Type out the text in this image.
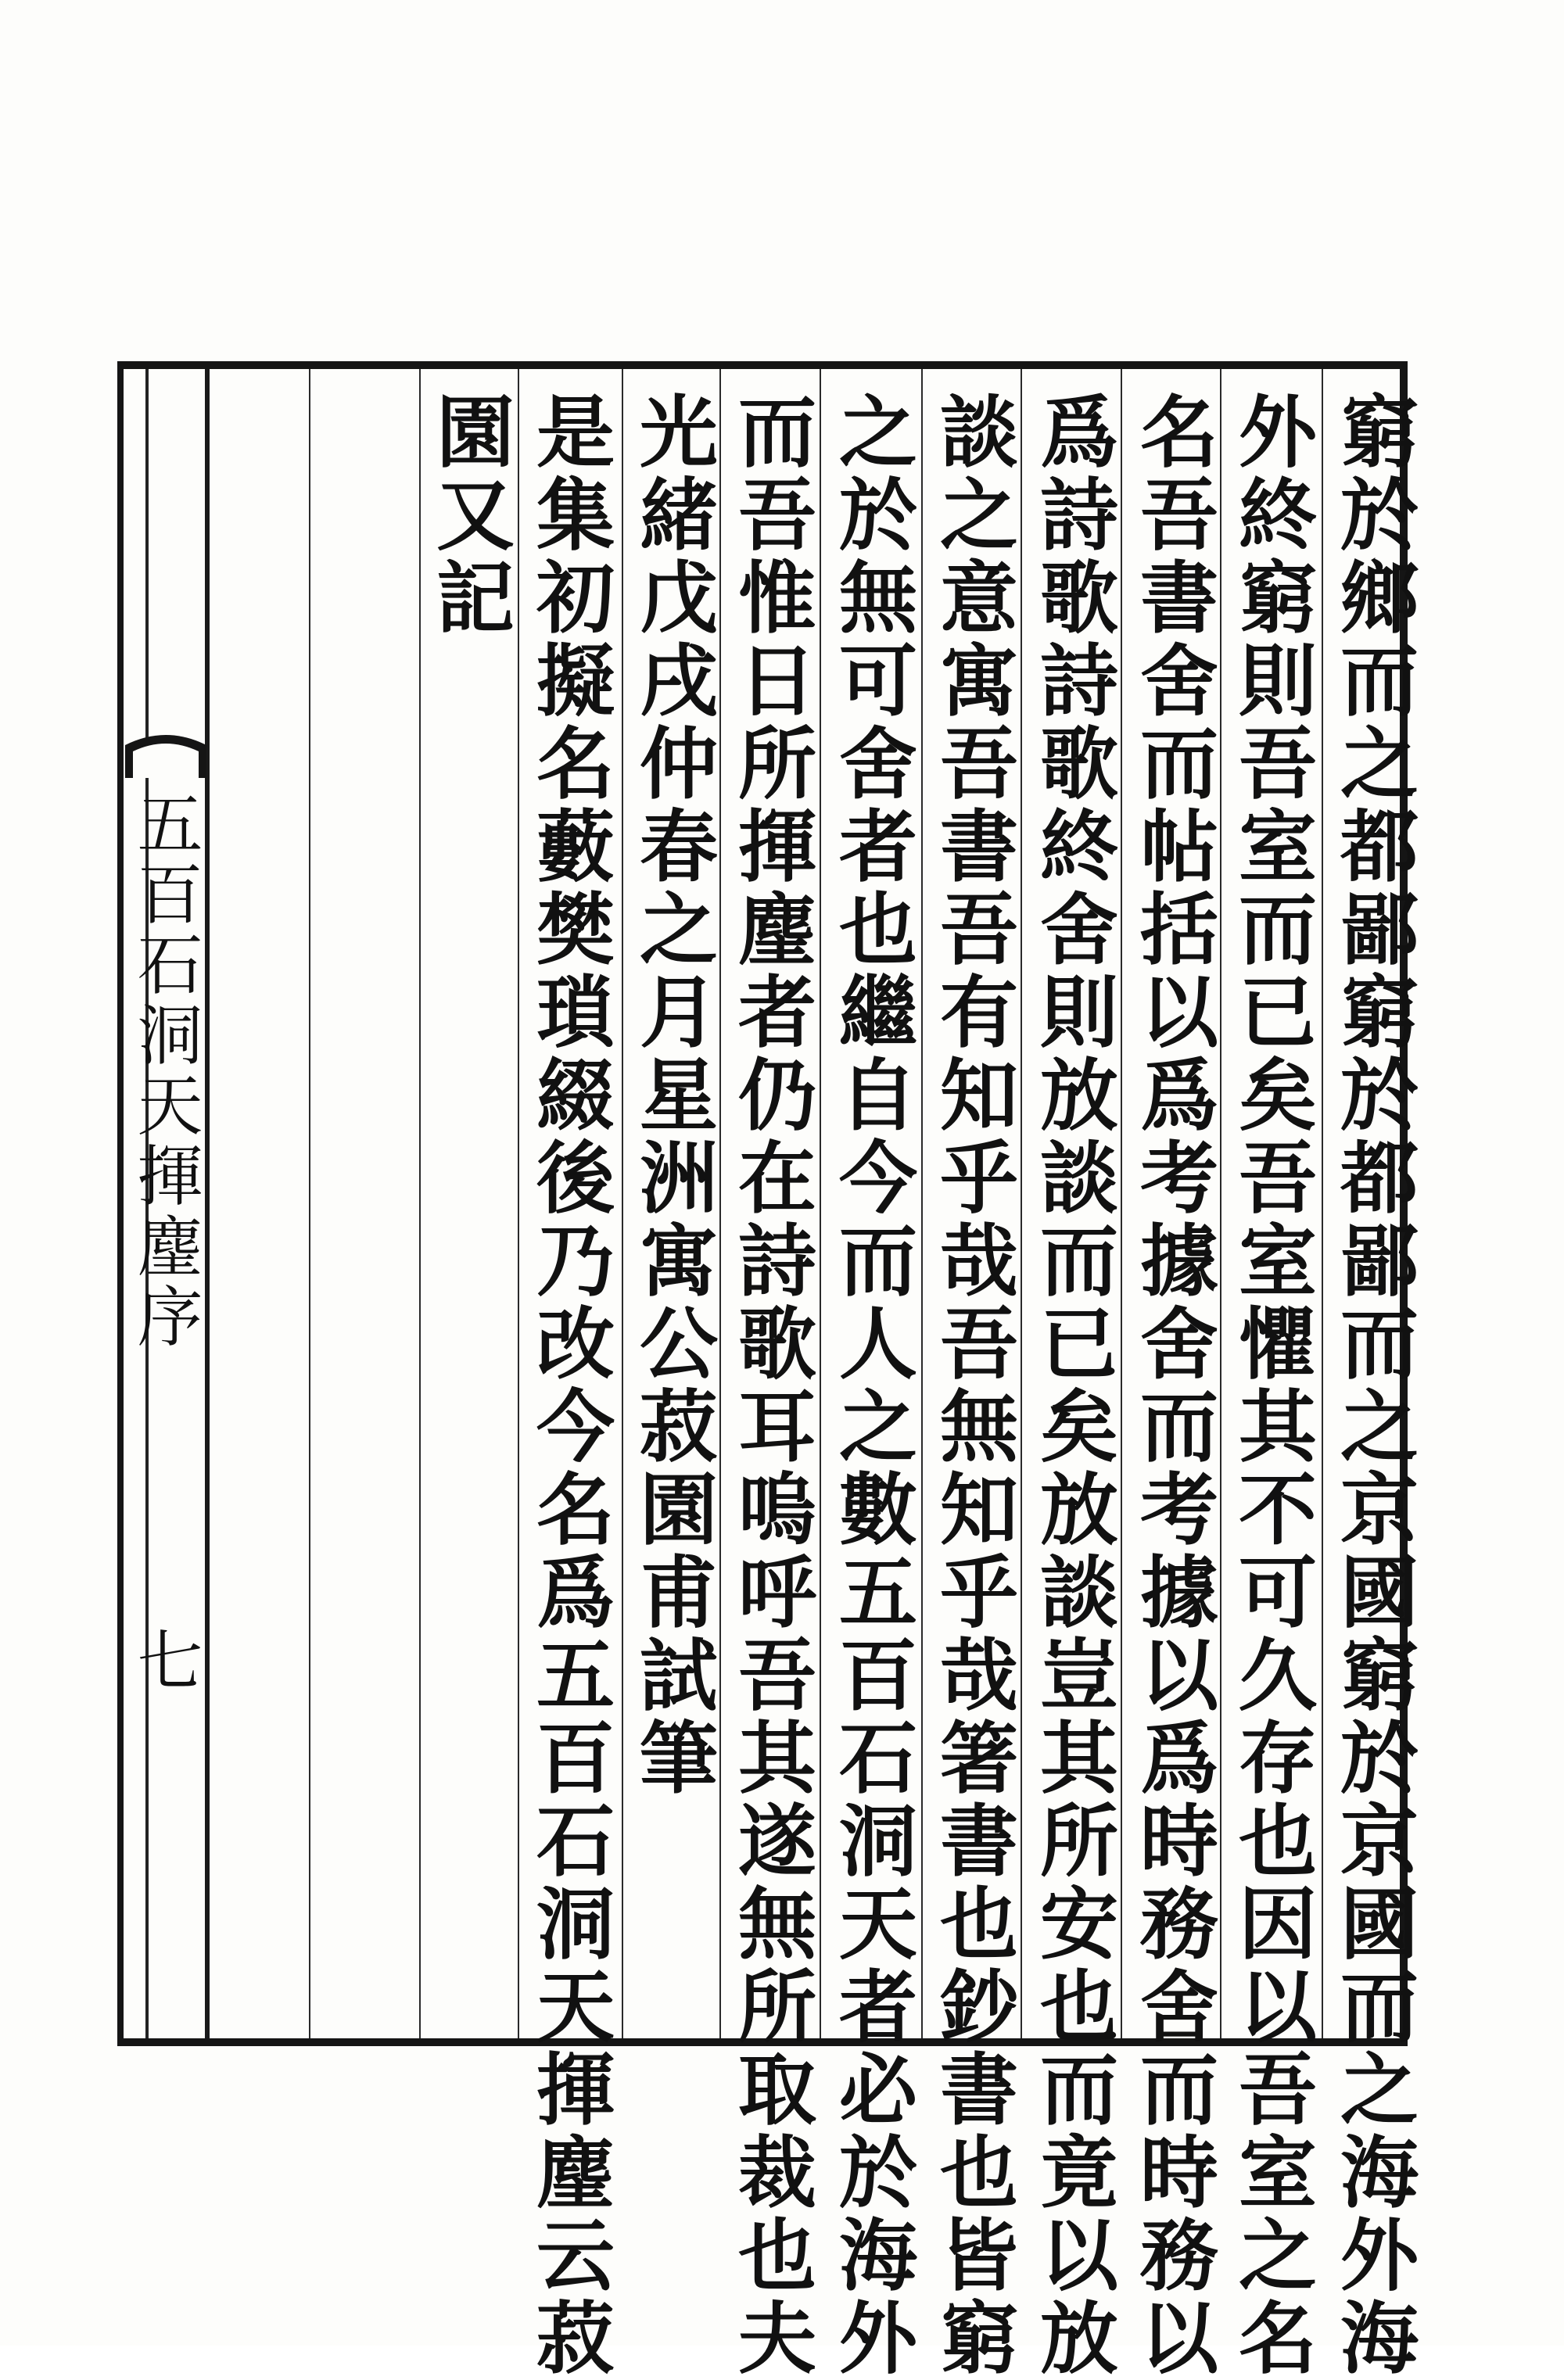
五百石洞天揮麈序
七	窮於鄉而之都鄙窮於都鄙而之京國窮於京國而之海外海
外終窮則吾室而已矣吾室懼其不可久存也因以吾室之名
名吾書舍而帖括以爲考據舍而考據以爲時務舍而時務以
爲詩歌詩歌終舍則放談而已矣放談豈其所安也而竟以放
談之意寓吾書吾有知乎哉吾無知乎哉箸書也鈔書也皆窮
之於無可舍者也繼自今而人之數五百石洞天者必於海外
而吾惟日所揮麈者仍在詩歌耳嗚呼吾其遂無所取裁也夫
光緒戊戌仲春之月星洲寓公菽園甫試筆
是集初擬名藪樊瑣綴後乃改今名爲五百石洞天揮麈云菽
園又記
